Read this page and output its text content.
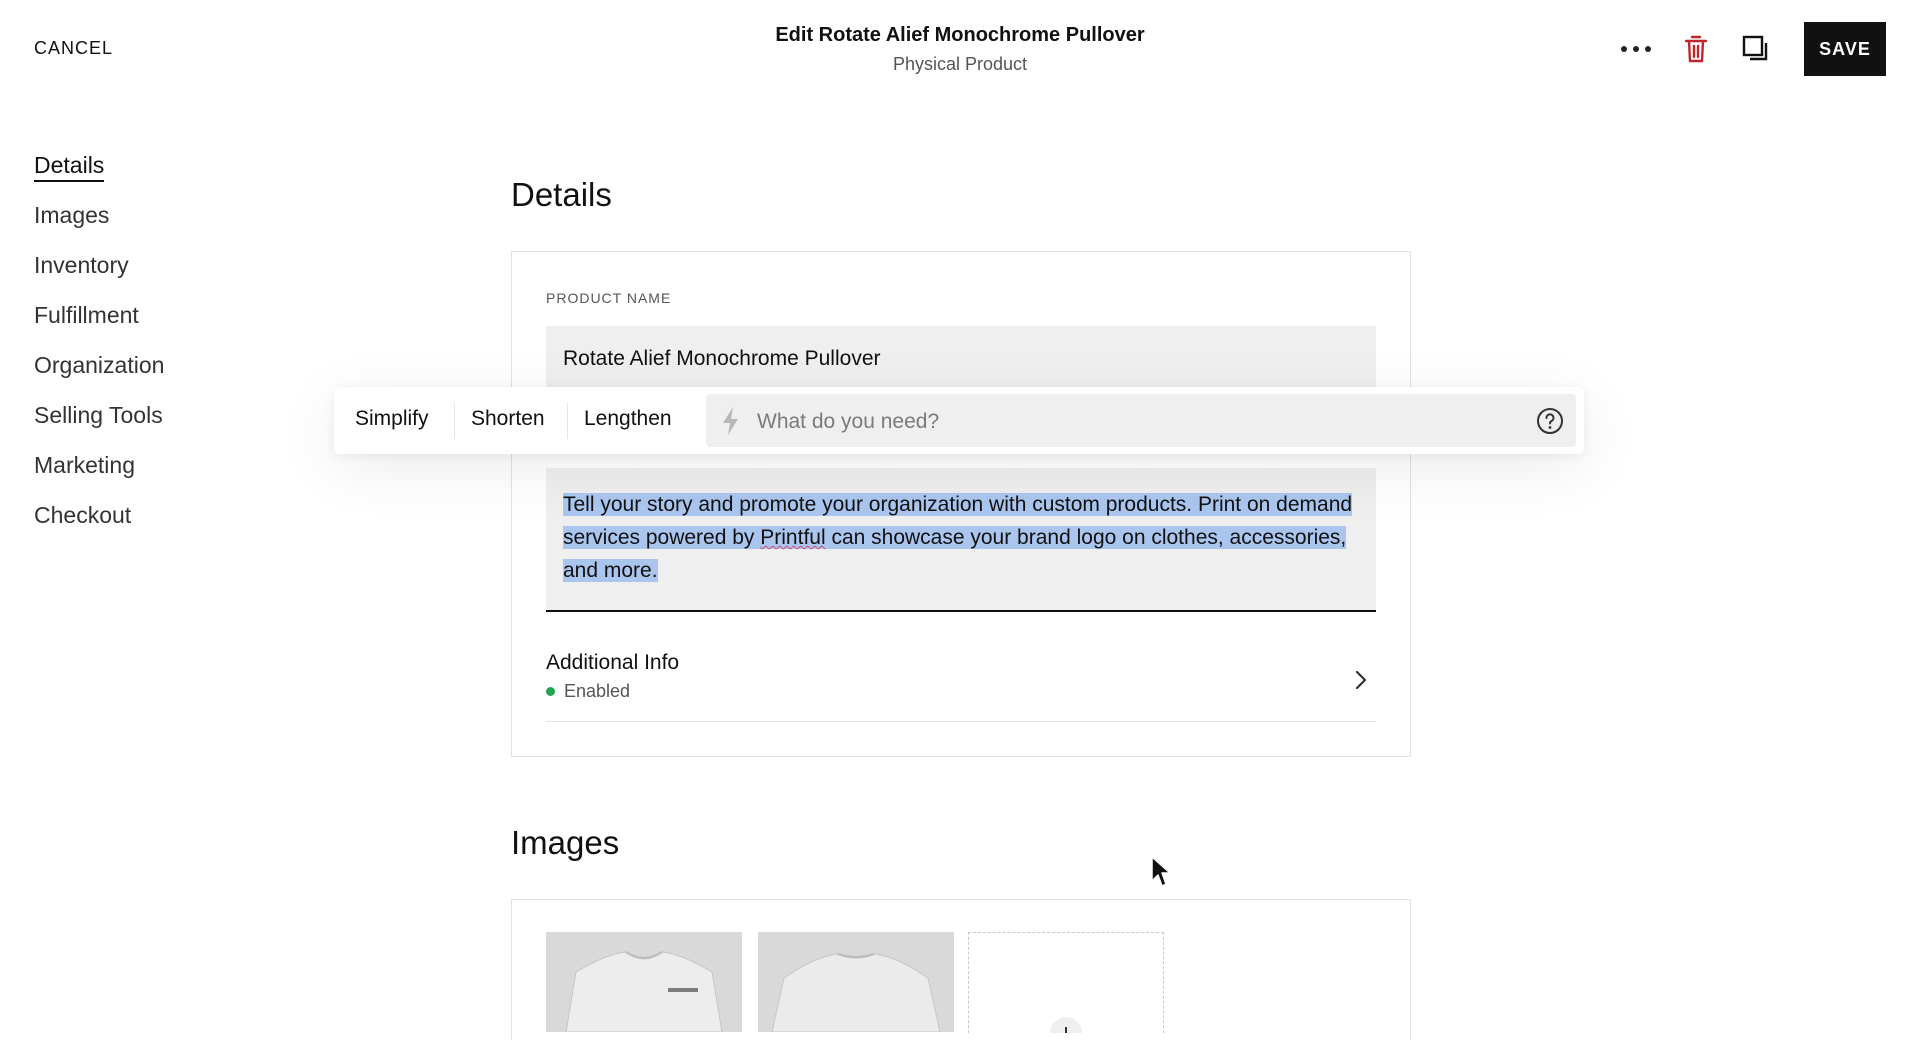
CANCEL
Edit Rotate Alief Monochrome Pullover
Physical Product
SAVE
Details
Images
Inventory
Fulfillment
Organization
Selling Tools
Marketing
Checkout
Details
PRODUCT NAME
Rotate Alief Monochrome Pullover
Tell your story and promote your organization with custom products. Print on demand services powered by Printful can showcase your brand logo on clothes, accessories, and more.
Additional Info
Enabled
Simplify Shorten Lengthen	What do you need?
Images
